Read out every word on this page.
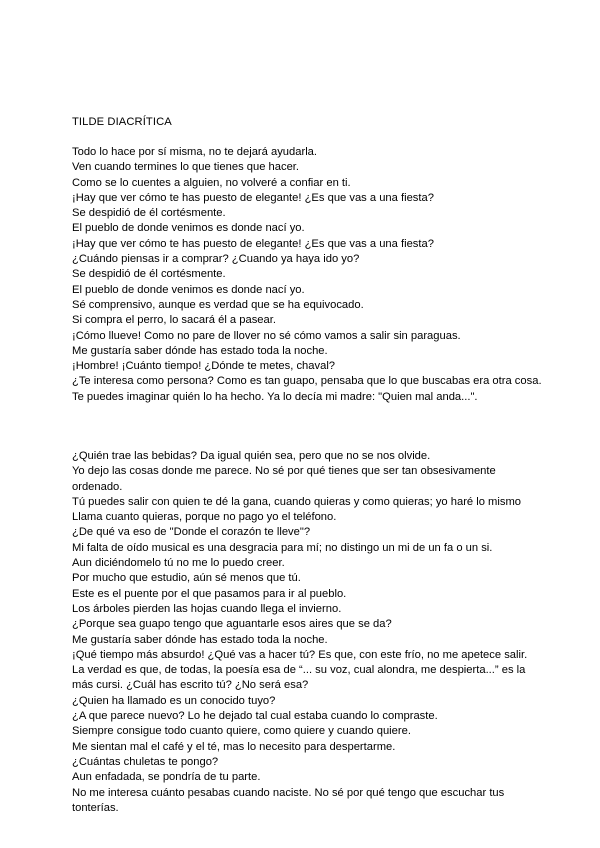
TILDE DIACRÍTICA

Todo lo hace por sí misma, no te dejará ayudarla.

Ven cuando termines lo que tienes que hacer.

Como se lo cuentes a alguien, no volveré a confiar en ti.

¡Hay que ver cómo te has puesto de elegante! ¿Es que vas a una fiesta?

Se despidió de él cortésmente.

El pueblo de donde venimos es donde nací yo.

¡Hay que ver cómo te has puesto de elegante! ¿Es que vas a una fiesta?

¿Cuándo piensas ir a comprar? ¿Cuando ya haya ido yo?

Se despidió de él cortésmente.

El pueblo de donde venimos es donde nací yo.

Sé comprensivo, aunque es verdad que se ha equivocado.

Si compra el perro, lo sacará él a pasear.

¡Cómo llueve! Como no pare de llover no sé cómo vamos a salir sin paraguas.

Me gustaría saber dónde has estado toda la noche.

¡Hombre! ¡Cuánto tiempo! ¿Dónde te metes, chaval?

¿Te interesa como persona? Como es tan guapo, pensaba que lo que buscabas era otra cosa.

Te puedes imaginar quién lo ha hecho. Ya lo decía mi madre: "Quien mal anda...".

¿Quién trae las bebidas? Da igual quién sea, pero que no se nos olvide.

Yo dejo las cosas donde me parece. No sé por qué tienes que ser tan obsesivamente ordenado.

Tú puedes salir con quien te dé la gana, cuando quieras y como quieras; yo haré lo mismo

Llama cuanto quieras, porque no pago yo el teléfono.

¿De qué va eso de "Donde el corazón te lleve"?

Mi falta de oído musical es una desgracia para mí; no distingo un mi de un fa o un si.

Aun diciéndomelo tú no me lo puedo creer.

Por mucho que estudio, aún sé menos que tú.

Este es el puente por el que pasamos para ir al pueblo.

Los árboles pierden las hojas cuando llega el invierno.

¿Porque sea guapo tengo que aguantarle esos aires que se da?

Me gustaría saber dónde has estado toda la noche.

¡Qué tiempo más absurdo! ¿Qué vas a hacer tú? Es que, con este frío, no me apetece salir.

La verdad es que, de todas, la poesía esa de “... su voz, cual alondra, me despierta...” es la más cursi. ¿Cuál has escrito tú? ¿No será esa?

¿Quien ha llamado es un conocido tuyo?

¿A que parece nuevo? Lo he dejado tal cual estaba cuando lo compraste.

Siempre consigue todo cuanto quiere, como quiere y cuando quiere.

Me sientan mal el café y el té, mas lo necesito para despertarme.

¿Cuántas chuletas te pongo?

Aun enfadada, se pondría de tu parte.

No me interesa cuánto pesabas cuando naciste. No sé por qué tengo que escuchar tus tonterías.
